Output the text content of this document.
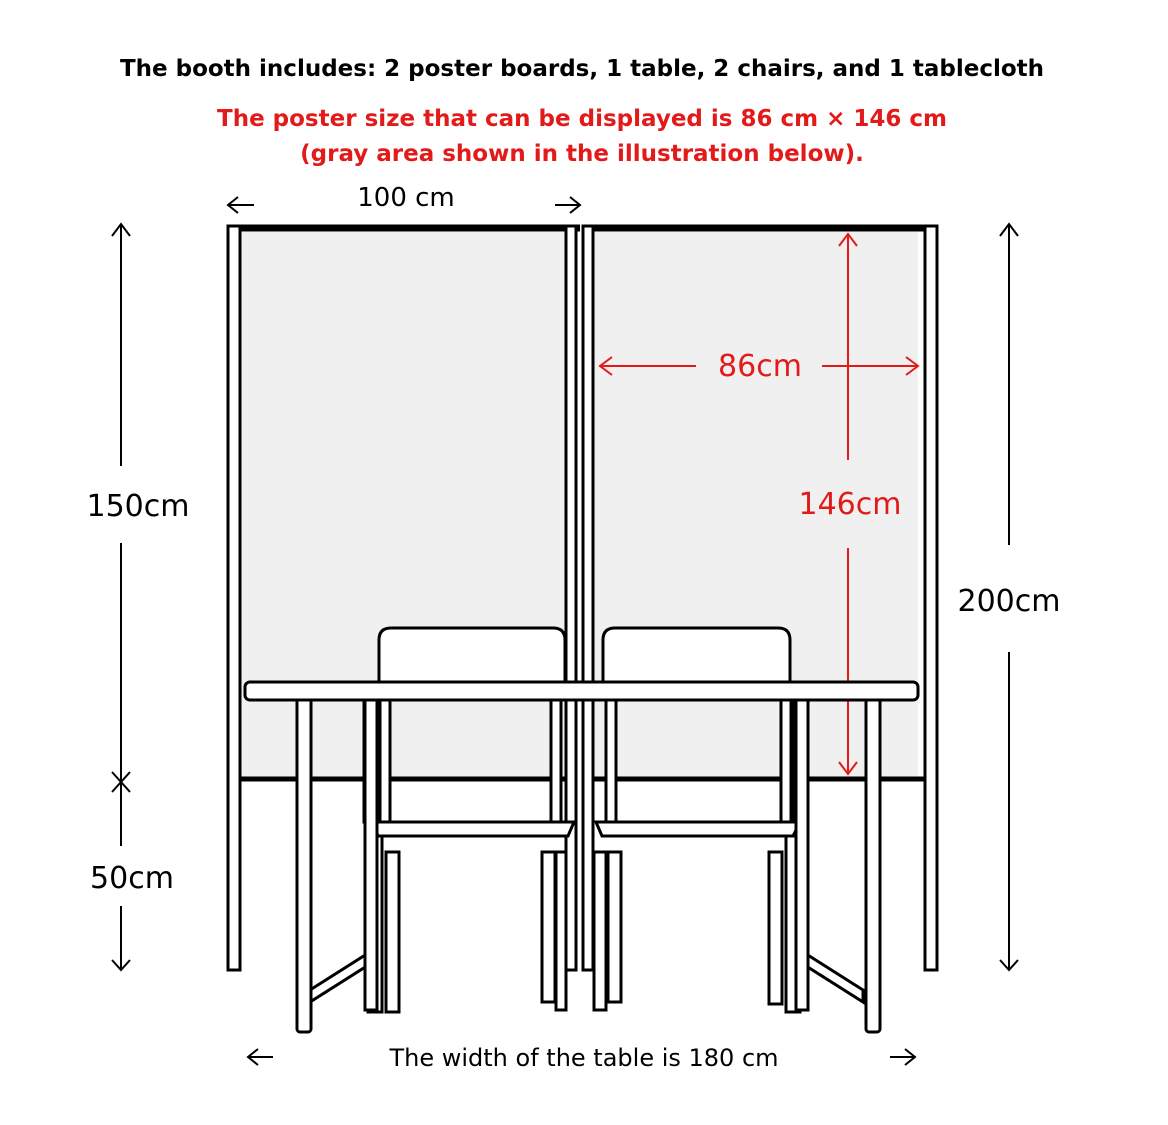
The booth includes: 2 poster boards, 1 table, 2 chairs, and 1 tablecloth
The poster size that can be displayed is 86 cm × 146 cm
(gray area shown in the illustration below).
100 cm
86cm
146cm
150cm
50cm
200cm
The width of the table is 180 cm
